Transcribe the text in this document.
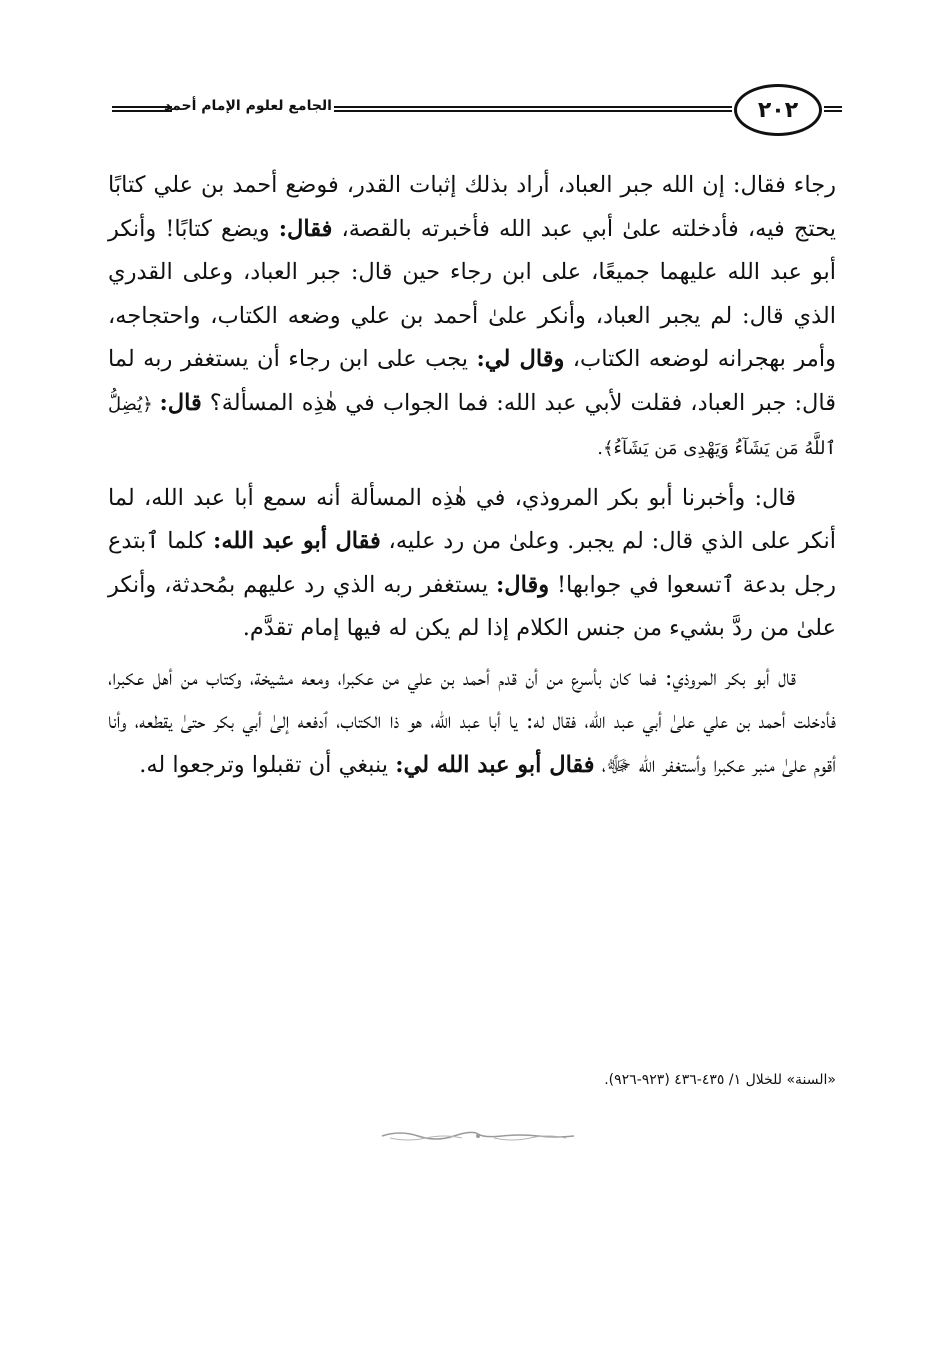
الجامع لعلوم الإمام أحمد	٢٠٢

رجاء فقال: إن الله جبر العباد، أراد بذلك إثبات القدر، فوضع أحمد بن علي كتابًا يحتج فيه، فأدخلته علىٰ أبي عبد الله فأخبرته بالقصة، فقال: ويضع كتابًا! وأنكر أبو عبد الله عليهما جميعًا، على ابن رجاء حين قال: جبر العباد، وعلى القدري الذي قال: لم يجبر العباد، وأنكر علىٰ أحمد بن علي وضعه الكتاب، واحتجاجه، وأمر بهجرانه لوضعه الكتاب، وقال لي: يجب على ابن رجاء أن يستغفر ربه لما قال: جبر العباد، فقلت لأبي عبد الله: فما الجواب في هٰذِه المسألة؟ قال: ﴿يُضِلُّ ٱللَّهُ مَن يَشَآءُ وَيَهْدِى مَن يَشَآءُ﴾.

قال: وأخبرنا أبو بكر المروذي، في هٰذِه المسألة أنه سمع أبا عبد الله، لما أنكر على الذي قال: لم يجبر. وعلىٰ من رد عليه، فقال أبو عبد الله: كلما ٱبتدع رجل بدعة ٱتسعوا في جوابها! وقال: يستغفر ربه الذي رد عليهم بمُحدثة، وأنكر علىٰ من ردَّ بشيء من جنس الكلام إذا لم يكن له فيها إمام تقدَّم.

قال أبو بكر المروذي: فما كان بأسرع من أن قدم أحمد بن علي من عكبرا، ومعه مشيخة، وكتاب من أهل عكبرا، فأدخلت أحمد بن علي علىٰ أبي عبد الله، فقال له: يا أبا عبد الله، هو ذا الكتاب، ٱدفعه إلىٰ أبي بكر حتىٰ يقطعه، وأنا أقوم علىٰ منبر عكبرا وأستغفر الله ﷻ، فقال أبو عبد الله لي: ينبغي أن تقبلوا وترجعوا له.

«السنة» للخلال ١/ ٤٣٥-٤٣٦ (٩٢٣-٩٢٦).
